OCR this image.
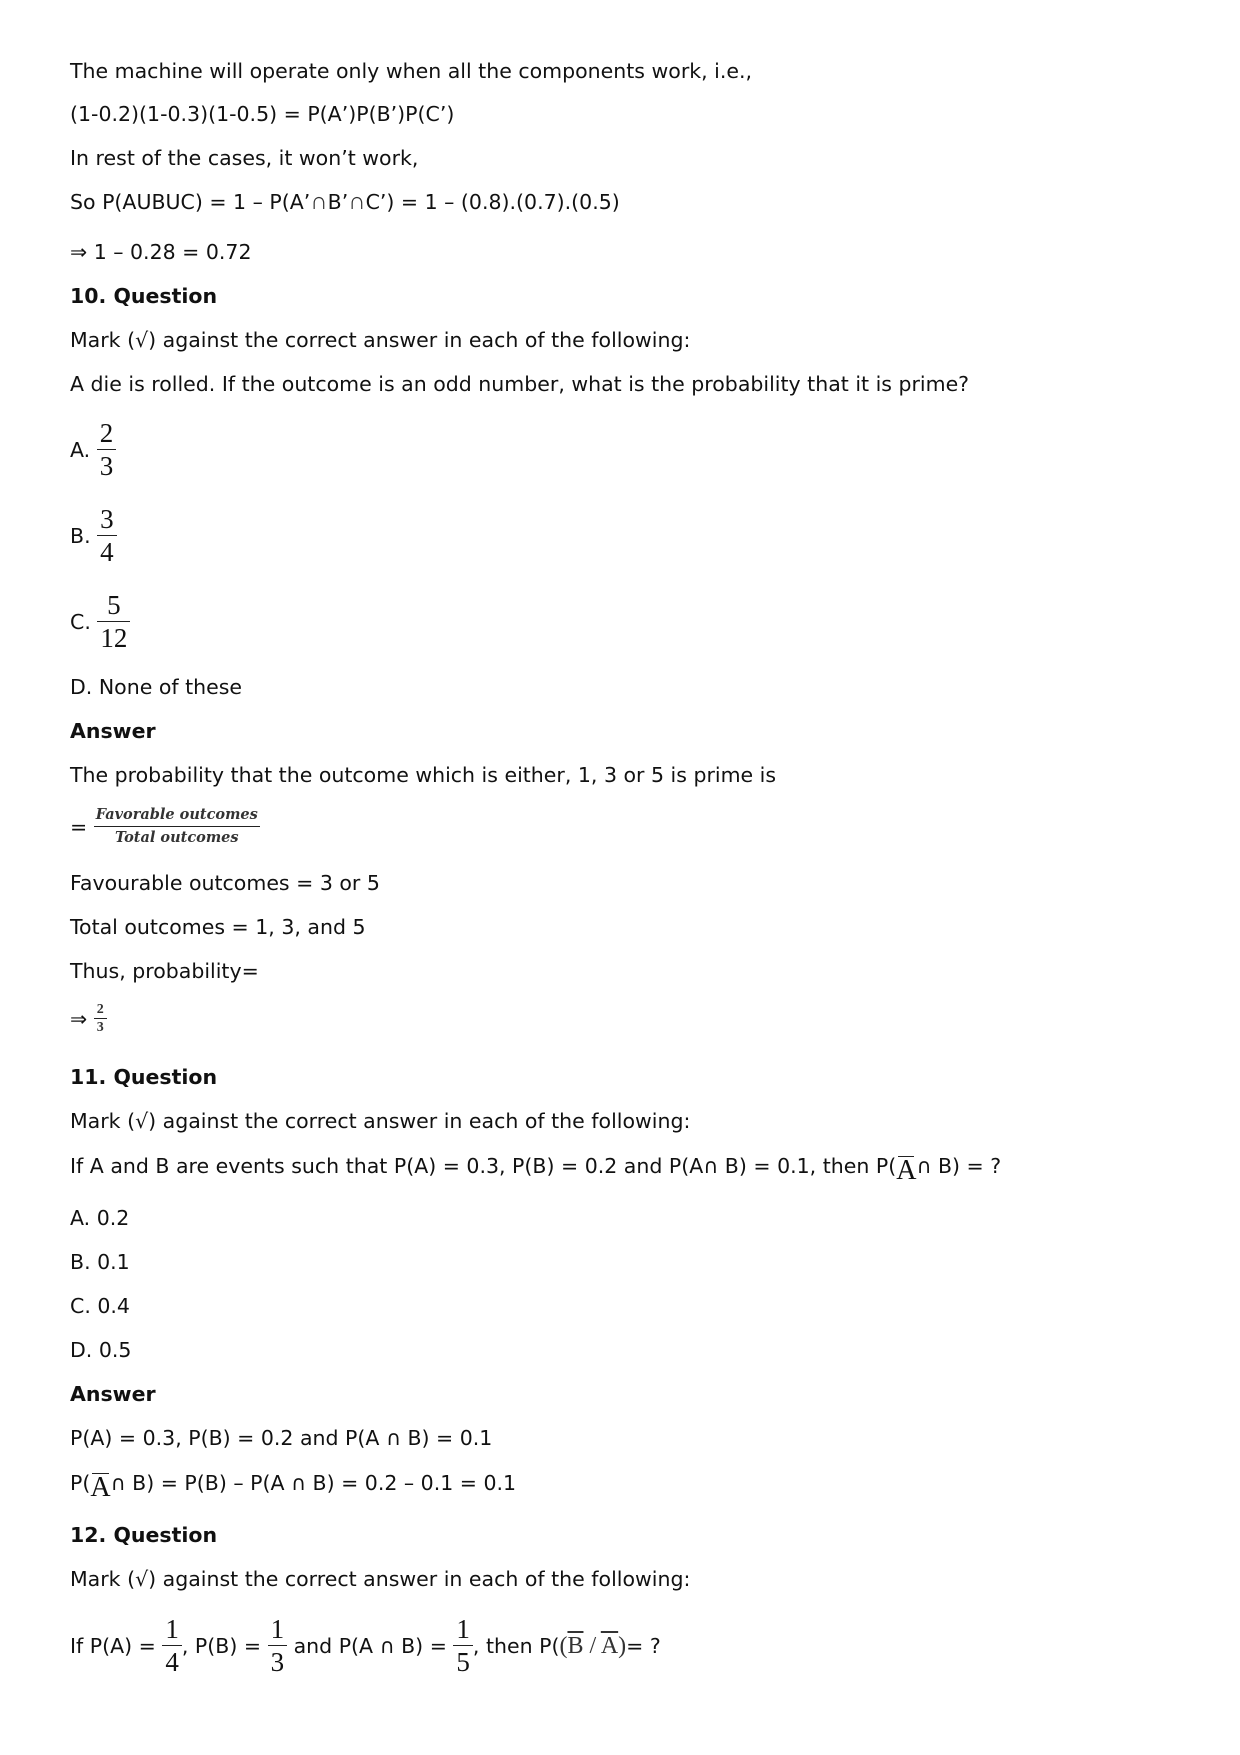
The machine will operate only when all the components work, i.e.,
(1-0.2)(1-0.3)(1-0.5) = P(A’)P(B’)P(C’)
In rest of the cases, it won’t work,
So P(AUBUC) = 1 – P(A’∩B’∩C’) = 1 – (0.8).(0.7).(0.5)
⇒ 1 – 0.28 = 0.72
10. Question
Mark (√) against the correct answer in each of the following:
A die is rolled. If the outcome is an odd number, what is the probability that it is prime?
A. $\frac{2}{3}$
B. $\frac{3}{4}$
C. $\frac{5}{12}$
D. None of these
Answer
The probability that the outcome which is either, 1, 3 or 5 is prime is
= $\frac{\text{Favorable outcomes}}{\text{Total outcomes}}$
Favourable outcomes = 3 or 5
Total outcomes = 1, 3, and 5
Thus, probability=
⇒ $\frac{2}{3}$
11. Question
Mark (√) against the correct answer in each of the following:
If A and B are events such that P(A) = 0.3, P(B) = 0.2 and P(A∩ B) = 0.1, then P(A∩ B) = ?
A. 0.2
B. 0.1
C. 0.4
D. 0.5
Answer
P(A) = 0.3, P(B) = 0.2 and P(A ∩ B) = 0.1
P(A∩ B) = P(B) – P(A ∩ B) = 0.2 – 0.1 = 0.1
12. Question
Mark (√) against the correct answer in each of the following:
If $P(A) = \frac{1}{4}$ , $P(B) = \frac{1}{3}$ and P(A ∩ $B) = \frac{1}{5}$ , then $P((\overline{B} / \overline{A})=$ ?
